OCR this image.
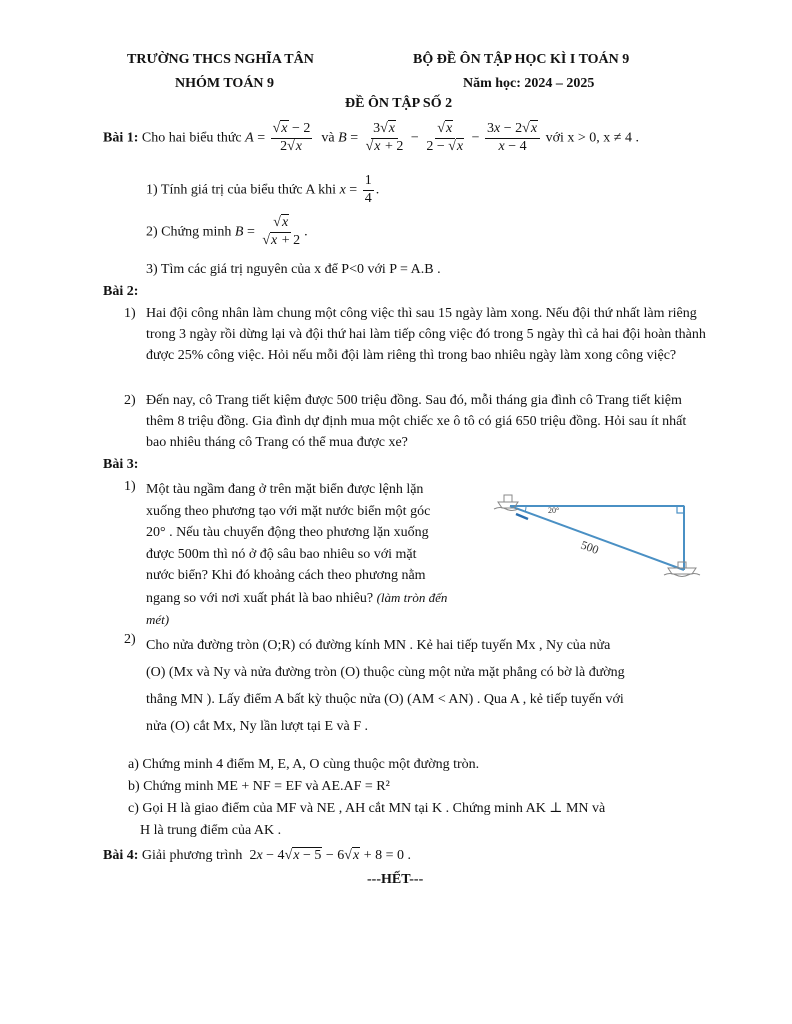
TRƯỜNG THCS NGHĨA TÂN
NHÓM TOÁN 9
BỘ ĐỀ ÔN TẬP HỌC KÌ I TOÁN 9
Năm học: 2024 – 2025
ĐỀ ÔN TẬP SỐ 2
Bài 1: Cho hai biểu thức $A = \frac{√x - 2}{2√x}$ và $B = \frac{3√x}{√x + 2} - \frac{√x}{2 - √x} - \frac{3x - 2√x}{x - 4}$ với x > 0, x ≠ 4 .
1) Tính giá trị của biểu thức A khi $x = \frac{1}{4}$ .
2) Chứng minh $B = \frac{√x}{√x + 2}$ .
3) Tìm các giá trị nguyên của x để P<0 với P = A.B .
Bài 2:
1) Hai đội công nhân làm chung một công việc thì sau 15 ngày làm xong. Nếu đội thứ nhất làm riêng trong 3 ngày rồi dừng lại và đội thứ hai làm tiếp công việc đó trong 5 ngày thì cả hai đội hoàn thành được 25% công việc. Hỏi nếu mỗi đội làm riêng thì trong bao nhiêu ngày làm xong công việc?
2) Đến nay, cô Trang tiết kiệm được 500 triệu đồng. Sau đó, mỗi tháng gia đình cô Trang tiết kiệm thêm 8 triệu đồng. Gia đình dự định mua một chiếc xe ô tô có giá 650 triệu đồng. Hỏi sau ít nhất bao nhiêu tháng cô Trang có thể mua được xe?
Bài 3:
1) Một tàu ngầm đang ở trên mặt biển được lệnh lặn
xuống theo phương tạo với mặt nước biển một góc
20° . Nếu tàu chuyển động theo phương lặn xuống
được 500m thì nó ở độ sâu bao nhiêu so với mặt
nước biển? Khi đó khoảng cách theo phương nằm
ngang so với nơi xuất phát là bao nhiêu? (làm tròn đến
mét)
20°
500
2) Cho nửa đường tròn (O;R) có đường kính MN . Kẻ hai tiếp tuyến Mx , Ny của nửa
(O) (Mx và Ny và nửa đường tròn (O) thuộc cùng một nửa mặt phẳng có bờ là đường
thẳng MN ). Lấy điểm A bất kỳ thuộc nửa (O) (AM < AN) . Qua A , kẻ tiếp tuyến với
nửa (O) cắt Mx, Ny lần lượt tại E và F .
a) Chứng minh 4 điểm M, E, A, O cùng thuộc một đường tròn.
b) Chứng minh ME + NF = EF và AE.AF = R²
c) Gọi H là giao điểm của MF và NE , AH cắt MN tại K . Chứng minh AK ⊥ MN và
H là trung điểm của AK .
Bài 4: Giải phương trình  2x − 4√x − 5 − 6√x + 8 = 0 .
---HẾT---
